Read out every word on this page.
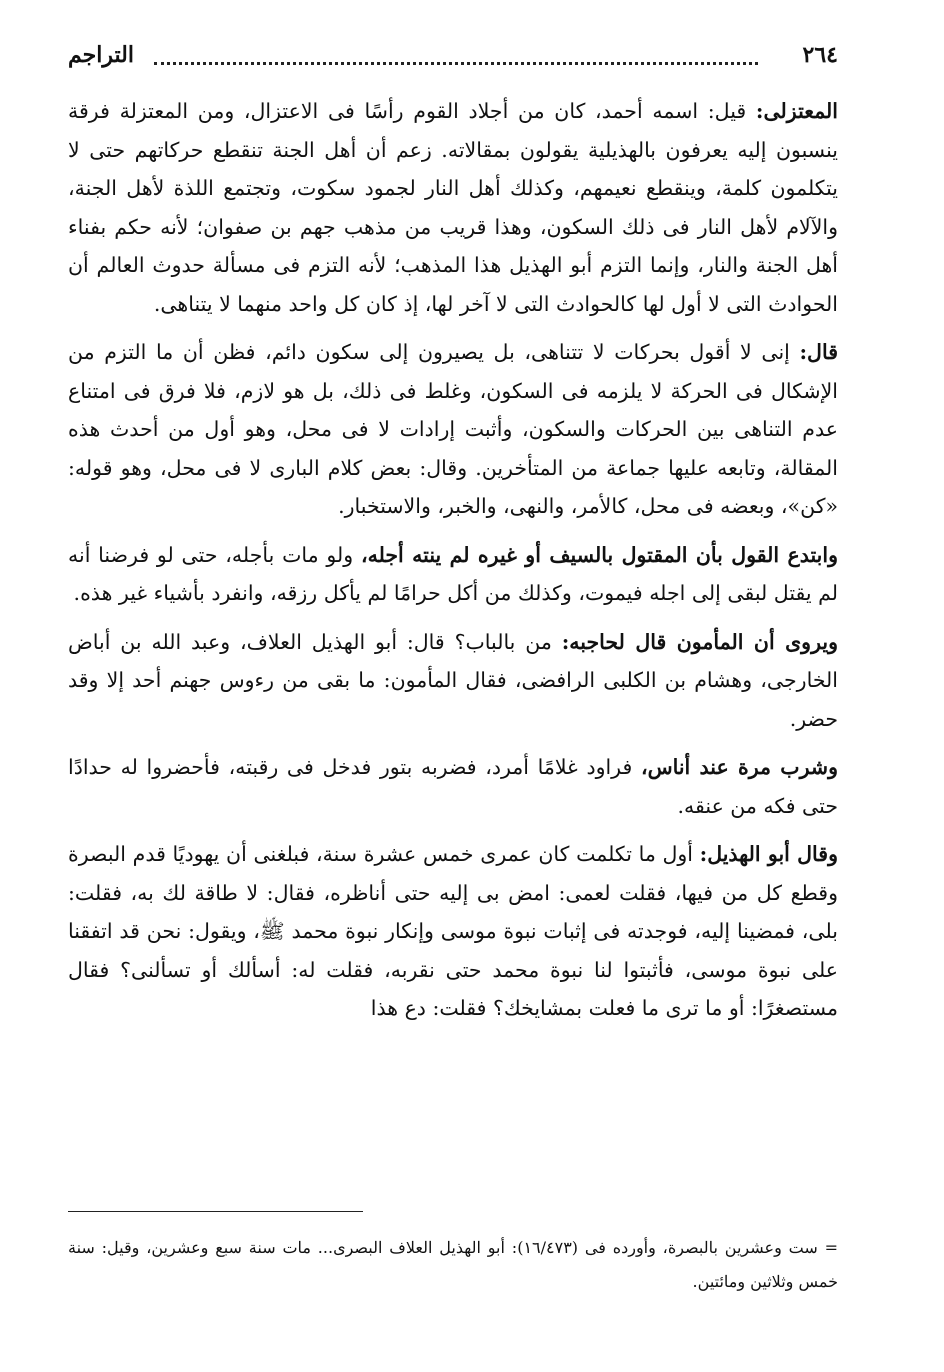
٢٦٤
التراجم

المعتزلى: قيل: اسمه أحمد، كان من أجلاد القوم رأسًا فى الاعتزال، ومن المعتزلة فرقة ينسبون إليه يعرفون بالهذيلية يقولون بمقالاته. زعم أن أهل الجنة تنقطع حركاتهم حتى لا يتكلمون كلمة، وينقطع نعيمهم، وكذلك أهل النار لجمود سكوت، وتجتمع اللذة لأهل الجنة، والآلام لأهل النار فى ذلك السكون، وهذا قريب من مذهب جهم بن صفوان؛ لأنه حكم بفناء أهل الجنة والنار، وإنما التزم أبو الهذيل هذا المذهب؛ لأنه التزم فى مسألة حدوث العالم أن الحوادث التى لا أول لها كالحوادث التى لا آخر لها، إذ كان كل واحد منهما لا يتناهى.

قال: إنى لا أقول بحركات لا تتناهى، بل يصيرون إلى سكون دائم، فظن أن ما التزم من الإشكال فى الحركة لا يلزمه فى السكون، وغلط فى ذلك، بل هو لازم، فلا فرق فى امتناع عدم التناهى بين الحركات والسكون، وأثبت إرادات لا فى محل، وهو أول من أحدث هذه المقالة، وتابعه عليها جماعة من المتأخرين. وقال: بعض كلام البارى لا فى محل، وهو قوله: «كن»، وبعضه فى محل، كالأمر، والنهى، والخبر، والاستخبار.

وابتدع القول بأن المقتول بالسيف أو غيره لم ينته أجله، ولو مات بأجله، حتى لو فرضنا أنه لم يقتل لبقى إلى اجله فيموت، وكذلك من أكل حرامًا لم يأكل رزقه، وانفرد بأشياء غير هذه.

ويروى أن المأمون قال لحاجبه: من بالباب؟ قال: أبو الهذيل العلاف، وعبد الله بن أباض الخارجى، وهشام بن الكلبى الرافضى، فقال المأمون: ما بقى من رءوس جهنم أحد إلا وقد حضر.

وشرب مرة عند أناس، فراود غلامًا أمرد، فضربه بتور فدخل فى رقبته، فأحضروا له حدادًا حتى فكه من عنقه.

وقال أبو الهذيل: أول ما تكلمت كان عمرى خمس عشرة سنة، فبلغنى أن يهوديًا قدم البصرة وقطع كل من فيها، فقلت لعمى: امض بى إليه حتى أناظره، فقال: لا طاقة لك به، فقلت: بلى، فمضينا إليه، فوجدته فى إثبات نبوة موسى وإنكار نبوة محمد ﷺ، ويقول: نحن قد اتفقنا على نبوة موسى، فأثبتوا لنا نبوة محمد حتى نقربه، فقلت له: أسألك أو تسألنى؟ فقال مستصغرًا: أو ما ترى ما فعلت بمشايخك؟ فقلت: دع هذا

= ست وعشرين بالبصرة، وأورده فى (١٦/٤٧٣): أبو الهذيل العلاف البصرى... مات سنة سبع وعشرين، وقيل: سنة خمس وثلاثين ومائتين.
